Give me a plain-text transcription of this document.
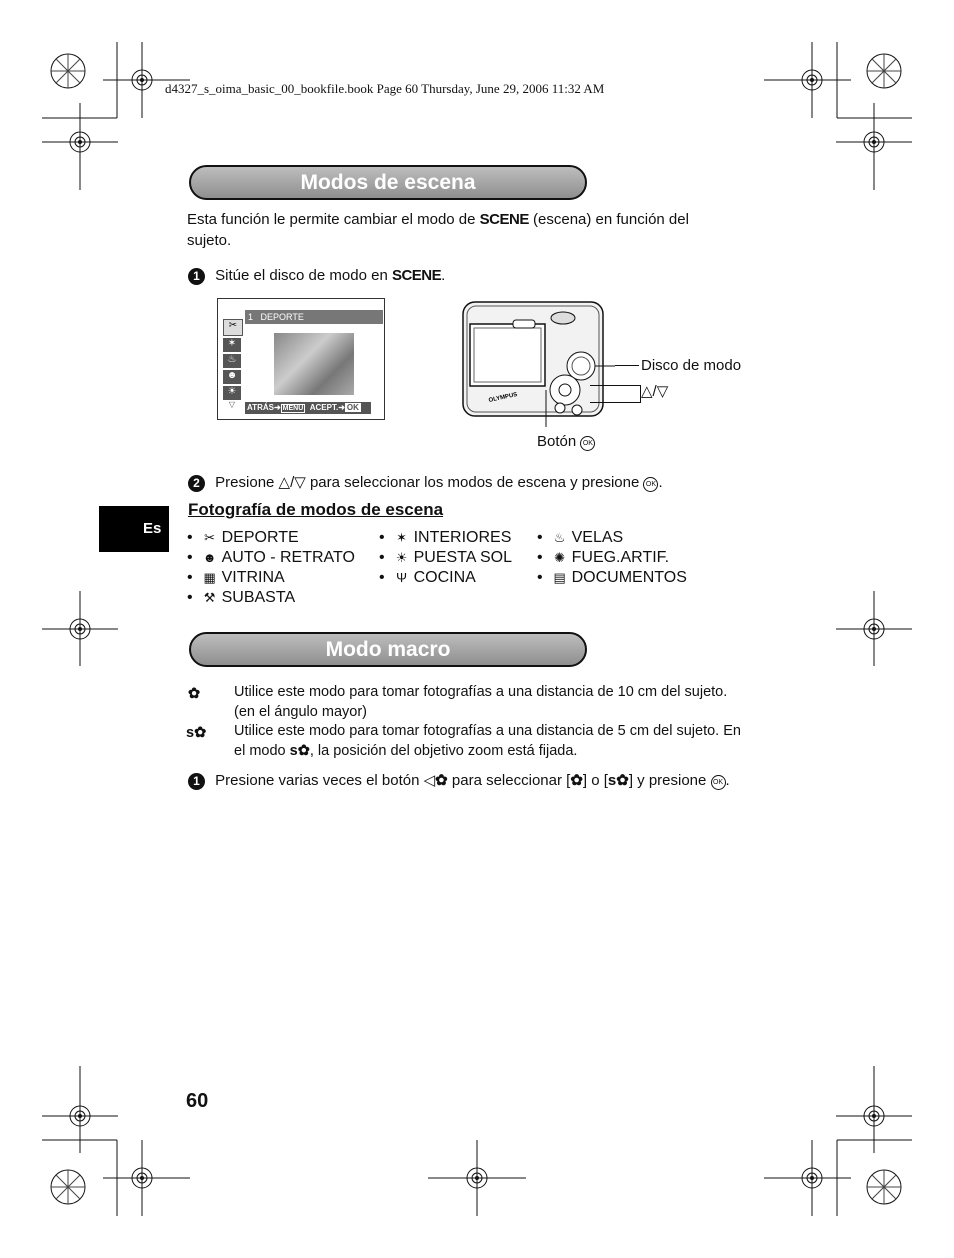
d4327_s_oima_basic_00_bookfile.book Page 60 Thursday, June 29, 2006 11:32 AM
Modos de escena
Esta función le permite cambiar el modo de SCENE (escena) en función del
sujeto.
1 Sitúe el disco de modo en SCENE.
✂
✶
♨
☻
☀
▽
1 DEPORTE
ATRÁS➜ MENU ACEPT.➜ OK
OLYMPUS
Disco de modo
△/▽
Botón OK
2 Presione △/▽ para seleccionar los modos de escena y presione OK .
Es
Fotografía de modos de escena
• ✂ DEPORTE
• ☻ AUTO - RETRATO
• ▦ VITRINA
• ⚒ SUBASTA
• ✶ INTERIORES
• ☀ PUESTA SOL
• Ψ COCINA
• ♨ VELAS
• ✺ FUEG.ARTIF.
• ▤ DOCUMENTOS
Modo macro
✿ Utilice este modo para tomar fotografías a una distancia de 10 cm del sujeto.
(en el ángulo mayor)
s✿ Utilice este modo para tomar fotografías a una distancia de 5 cm del sujeto. En
el modo s✿, la posición del objetivo zoom está fijada.
1 Presione varias veces el botón ◁✿ para seleccionar [✿] o [s✿] y presione OK .
60
